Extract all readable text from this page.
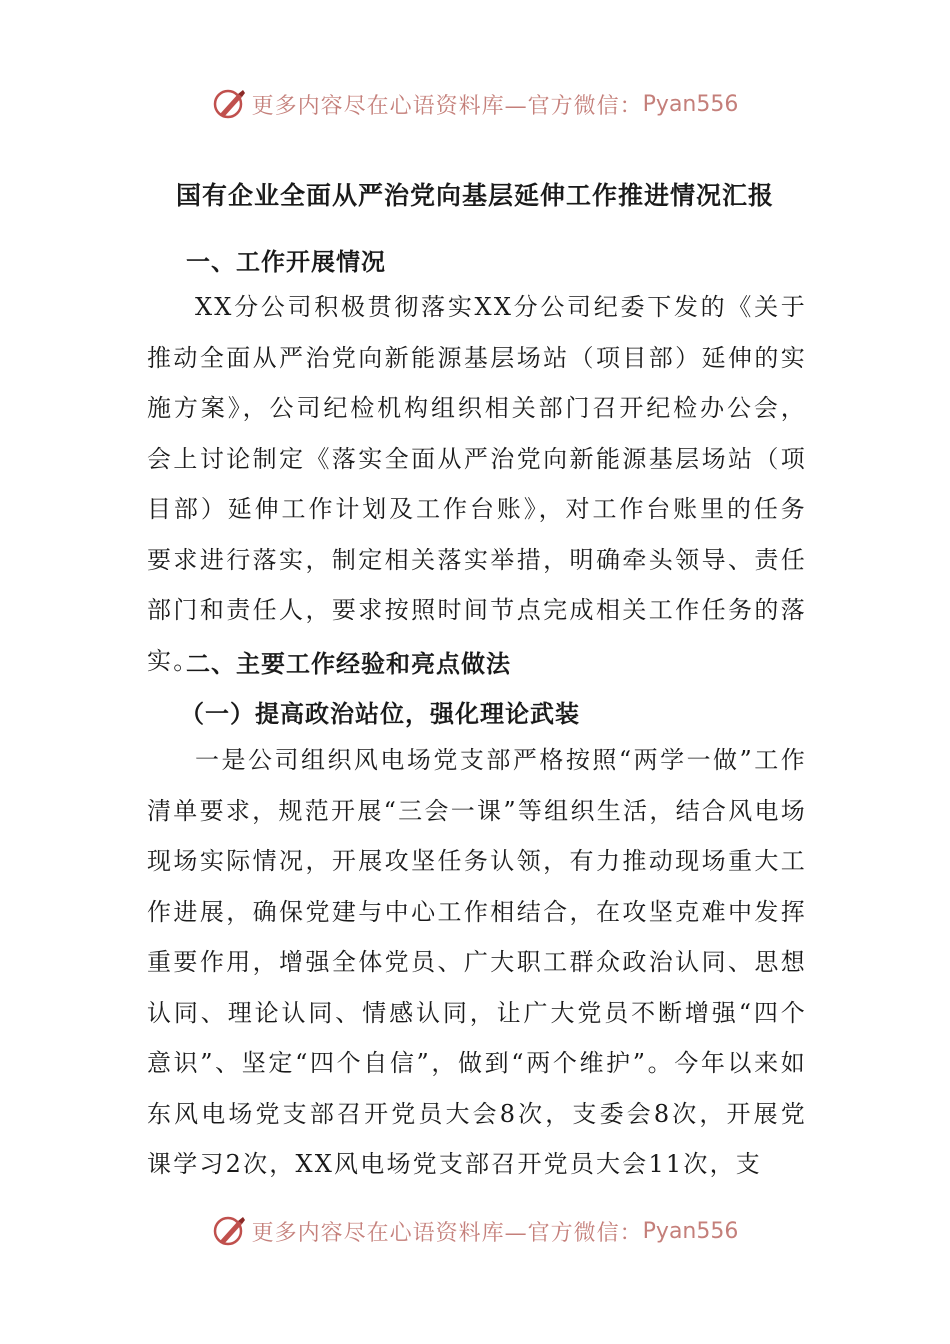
更多内容尽在心语资料库—官方微信： Pyan556
国有企业全面从严治党向基层延伸工作推进情况汇报
一、工作开展情况
XX分公司积极贯彻落实XX分公司纪委下发的《关于推动全面从严治党向新能源基层场站（项目部）延伸的实施方案》，公司纪检机构组织相关部门召开纪检办公会，会上讨论制定《落实全面从严治党向新能源基层场站（项目部）延伸工作计划及工作台账》，对工作台账里的任务要求进行落实，制定相关落实举措，明确牵头领导、责任部门和责任人，要求按照时间节点完成相关工作任务的落实。
二、主要工作经验和亮点做法
（一）提高政治站位，强化理论武装
一是公司组织风电场党支部严格按照“两学一做”工作清单要求，规范开展“三会一课”等组织生活，结合风电场现场实际情况，开展攻坚任务认领，有力推动现场重大工作进展，确保党建与中心工作相结合，在攻坚克难中发挥重要作用，增强全体党员、广大职工群众政治认同、思想认同、理论认同、情感认同，让广大党员不断增强“四个意识”、坚定“四个自信”，做到“两个维护”。今年以来如东风电场党支部召开党员大会8次，支委会8次，开展党课学习2次，XX风电场党支部召开党员大会11次，支
更多内容尽在心语资料库—官方微信： Pyan556
